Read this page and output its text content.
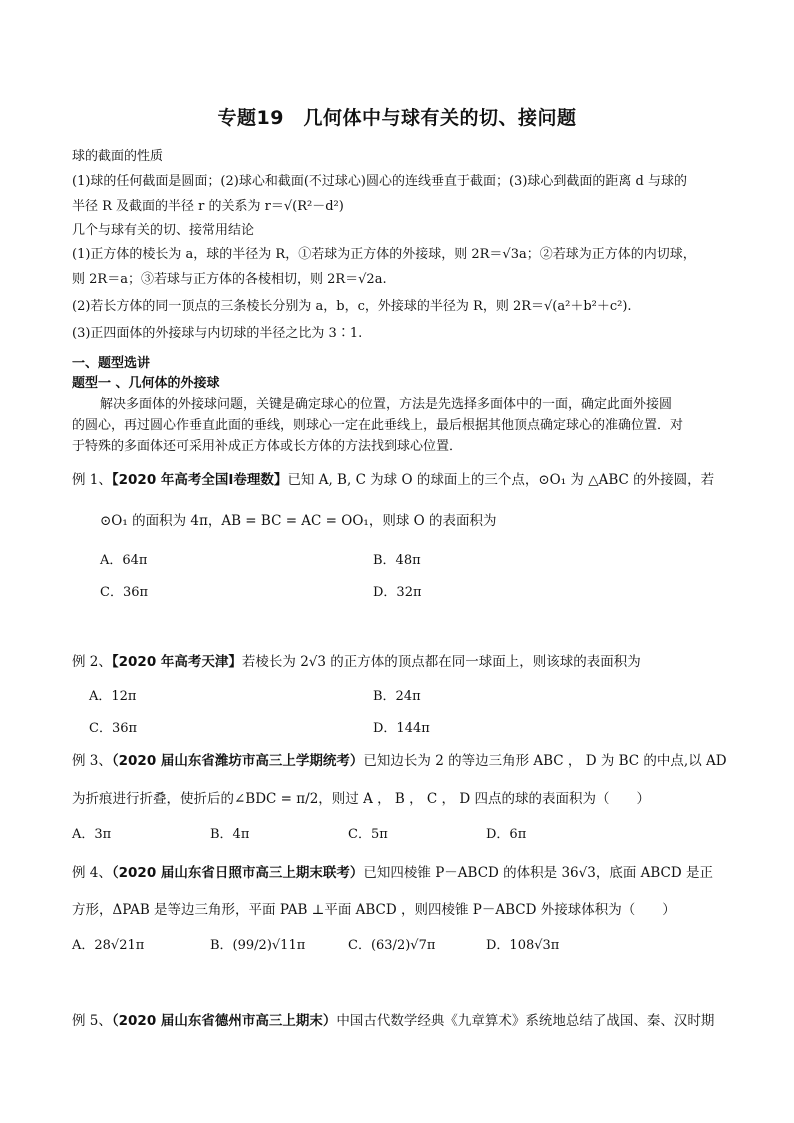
专题19　几何体中与球有关的切、接问题
球的截面的性质
(1)球的任何截面是圆面；(2)球心和截面(不过球心)圆心的连线垂直于截面；(3)球心到截面的距离 d 与球的
半径 R 及截面的半径 r 的关系为 r＝√(R²－d²)
几个与球有关的切、接常用结论
(1)正方体的棱长为 a，球的半径为 R，①若球为正方体的外接球，则 2R＝√3a；②若球为正方体的内切球，
则 2R＝a；③若球与正方体的各棱相切，则 2R＝√2a.
(2)若长方体的同一顶点的三条棱长分别为 a，b，c，外接球的半径为 R，则 2R＝√(a²＋b²＋c²).
(3)正四面体的外接球与内切球的半径之比为 3∶1.
一、题型选讲
题型一 、几何体的外接球
解决多面体的外接球问题，关键是确定球心的位置，方法是先选择多面体中的一面，确定此面外接圆
的圆心，再过圆心作垂直此面的垂线，则球心一定在此垂线上，最后根据其他顶点确定球心的准确位置．对
于特殊的多面体还可采用补成正方体或长方体的方法找到球心位置．
例 1、【2020 年高考全国Ⅰ卷理数】已知 A, B, C 为球 O 的球面上的三个点，⊙O₁ 为 △ABC 的外接圆，若
⊙O₁ 的面积为 4π，AB = BC = AC = OO₁，则球 O 的表面积为
A．64π	B．48π
C．36π	D．32π
例 2、【2020 年高考天津】若棱长为 2√3 的正方体的顶点都在同一球面上，则该球的表面积为
A．12π	B．24π
C．36π	D．144π
例 3、（2020 届山东省潍坊市高三上学期统考）已知边长为 2 的等边三角形 ABC ， D 为 BC 的中点,以 AD
为折痕进行折叠，使折后的∠BDC = π/2，则过 A ， B ， C ， D 四点的球的表面积为（　　）
A．3π	B．4π	C．5π	D．6π
例 4、（2020 届山东省日照市高三上期末联考）已知四棱锥 P－ABCD 的体积是 36√3，底面 ABCD 是正
方形，ΔPAB 是等边三角形，平面 PAB ⊥平面 ABCD ，则四棱锥 P－ABCD 外接球体积为（　　）
A．28√21π	B．(99/2)√11π	C．(63/2)√7π	D．108√3π
例 5、（2020 届山东省德州市高三上期末）中国古代数学经典《九章算术》系统地总结了战国、秦、汉时期
